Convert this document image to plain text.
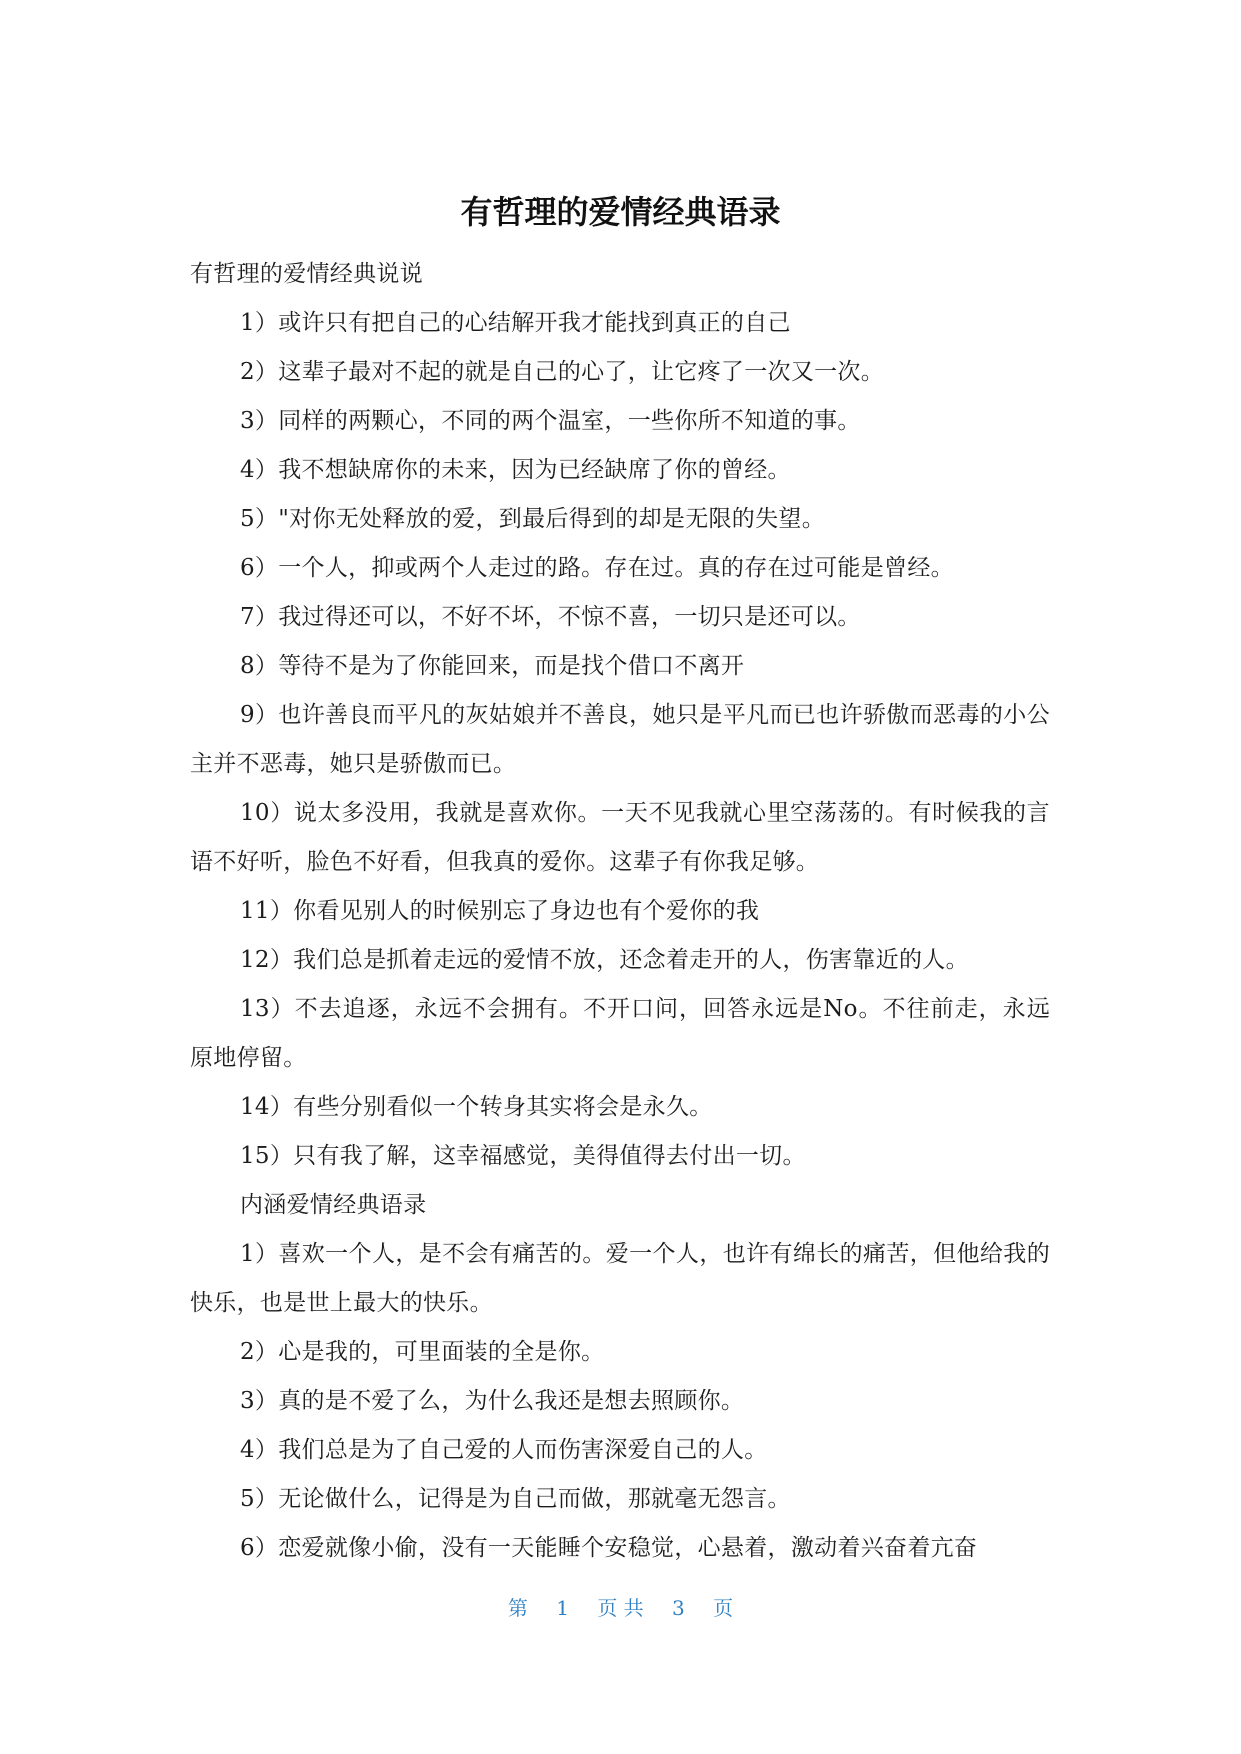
有哲理的爱情经典语录

有哲理的爱情经典说说

1）或许只有把自己的心结解开我才能找到真正的自己

2）这辈子最对不起的就是自己的心了，让它疼了一次又一次。

3）同样的两颗心，不同的两个温室，一些你所不知道的事。

4）我不想缺席你的未来，因为已经缺席了你的曾经。

5）"对你无处释放的爱，到最后得到的却是无限的失望。

6）一个人，抑或两个人走过的路。存在过。真的存在过可能是曾经。

7）我过得还可以，不好不坏，不惊不喜，一切只是还可以。

8）等待不是为了你能回来，而是找个借口不离开

9）也许善良而平凡的灰姑娘并不善良，她只是平凡而已也许骄傲而恶毒的小公主并不恶毒，她只是骄傲而已。

10）说太多没用，我就是喜欢你。一天不见我就心里空荡荡的。有时候我的言语不好听，脸色不好看，但我真的爱你。这辈子有你我足够。

11）你看见别人的时候别忘了身边也有个爱你的我

12）我们总是抓着走远的爱情不放，还念着走开的人，伤害靠近的人。

13）不去追逐，永远不会拥有。不开口问，回答永远是No。不往前走，永远原地停留。

14）有些分别看似一个转身其实将会是永久。

15）只有我了解，这幸福感觉，美得值得去付出一切。

内涵爱情经典语录

1）喜欢一个人，是不会有痛苦的。爱一个人，也许有绵长的痛苦，但他给我的快乐，也是世上最大的快乐。

2）心是我的，可里面装的全是你。

3）真的是不爱了么，为什么我还是想去照顾你。

4）我们总是为了自己爱的人而伤害深爱自己的人。

5）无论做什么，记得是为自己而做，那就毫无怨言。

6）恋爱就像小偷，没有一天能睡个安稳觉，心悬着，激动着兴奋着亢奋

第 1 页 共 3 页
